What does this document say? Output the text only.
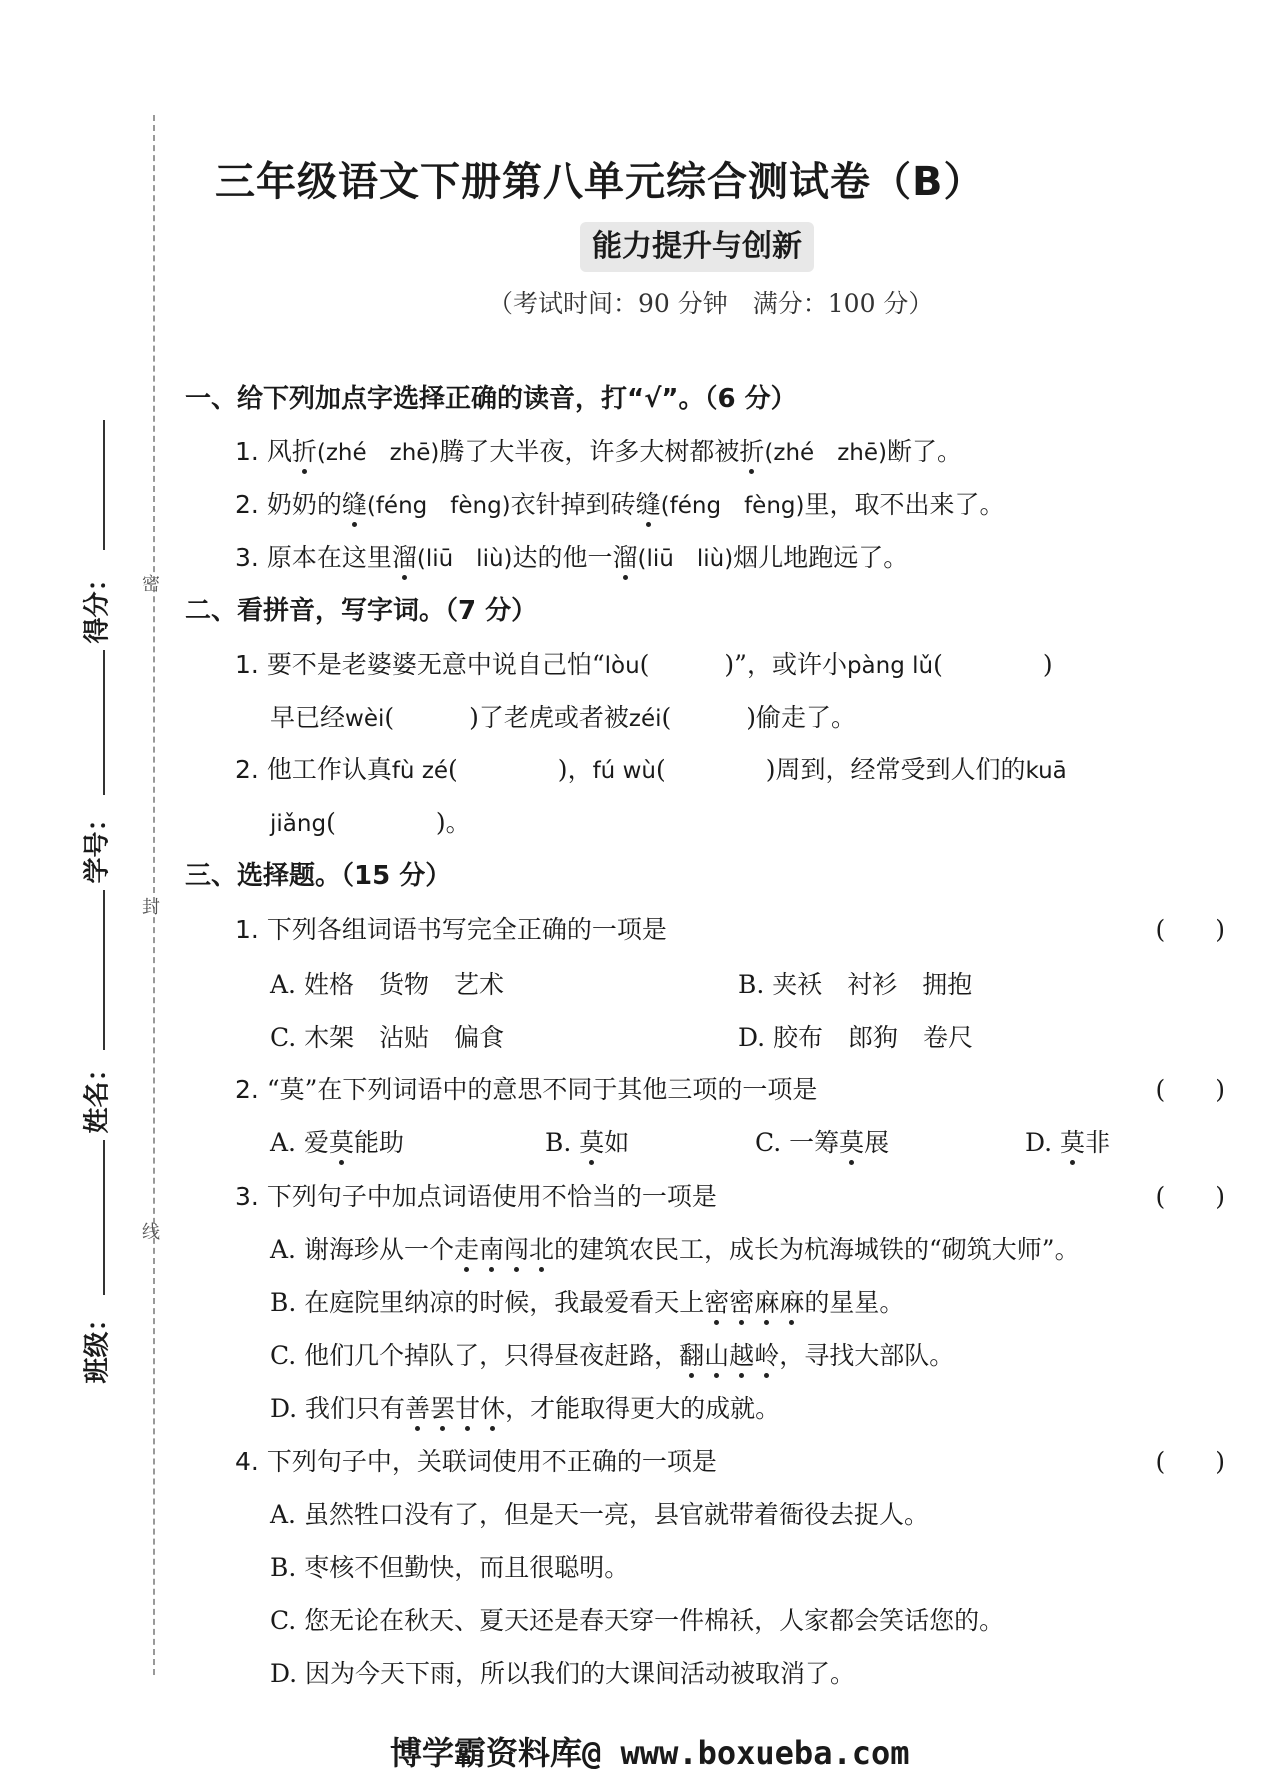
密
封
线
得分：
学号：
姓名：
班级：
三年级语文下册第八单元综合测试卷（B）
能力提升与创新
（考试时间：90 分钟　满分：100 分）
一、给下列加点字选择正确的读音，打“√”。（6 分）
1. 风折(zhé　zhē)腾了大半夜，许多大树都被折(zhé　zhē)断了。
2. 奶奶的缝(féng　fèng)衣针掉到砖缝(féng　fèng)里，取不出来了。
3. 原本在这里溜(liū　liù)达的他一溜(liū　liù)烟儿地跑远了。
二、看拼音，写字词。（7 分）
1. 要不是老婆婆无意中说自己怕“lòu(　　　)”，或许小pàng lǔ(　　　　)
早已经wèi(　　　)了老虎或者被zéi(　　　)偷走了。
2. 他工作认真fù zé(　　　　)，fú wù(　　　　)周到，经常受到人们的kuā
jiǎng(　　　　)。
三、选择题。（15 分）
1. 下列各组词语书写完全正确的一项是	(　　)
A. 姓格　货物　艺术	B. 夹袄　衬衫　拥抱
C. 木架　沾贴　偏食	D. 胶布　郎狗　卷尺
2. “莫”在下列词语中的意思不同于其他三项的一项是	(　　)
A. 爱莫能助	B. 莫如	C. 一筹莫展	D. 莫非
3. 下列句子中加点词语使用不恰当的一项是	(　　)
A. 谢海珍从一个走南闯北的建筑农民工，成长为杭海城铁的“砌筑大师”。
B. 在庭院里纳凉的时候，我最爱看天上密密麻麻的星星。
C. 他们几个掉队了，只得昼夜赶路，翻山越岭，寻找大部队。
D. 我们只有善罢甘休，才能取得更大的成就。
4. 下列句子中，关联词使用不正确的一项是	(　　)
A. 虽然牲口没有了，但是天一亮，县官就带着衙役去捉人。
B. 枣核不但勤快，而且很聪明。
C. 您无论在秋天、夏天还是春天穿一件棉袄，人家都会笑话您的。
D. 因为今天下雨，所以我们的大课间活动被取消了。
博学霸资料库@ www.boxueba.com
